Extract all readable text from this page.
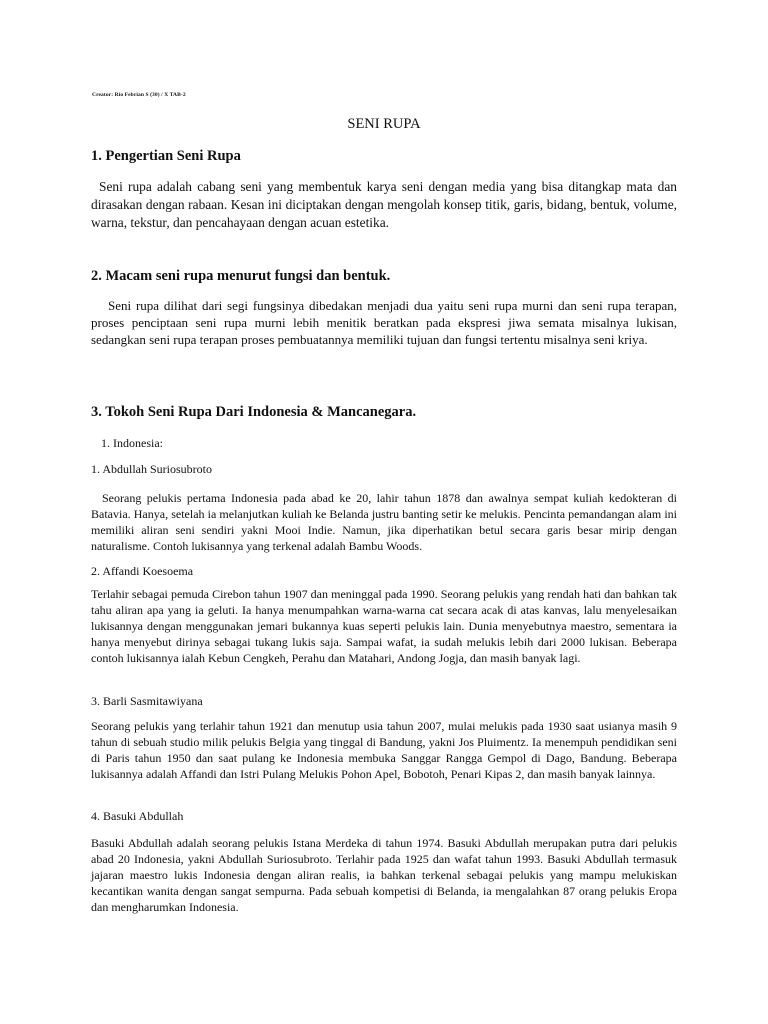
Creator: Rio Febrian S (30) / X TAB-2
SENI RUPA
1. Pengertian Seni Rupa
Seni rupa adalah cabang seni yang membentuk karya seni dengan media yang bisa ditangkap mata dan dirasakan dengan rabaan. Kesan ini diciptakan dengan mengolah konsep titik, garis, bidang, bentuk, volume, warna, tekstur, dan pencahayaan dengan acuan estetika.
2. Macam seni rupa menurut fungsi dan bentuk.
Seni rupa dilihat dari segi fungsinya dibedakan menjadi dua yaitu seni rupa murni dan seni rupa terapan, proses penciptaan seni rupa murni lebih menitik beratkan pada ekspresi jiwa semata misalnya lukisan, sedangkan seni rupa terapan proses pembuatannya memiliki tujuan dan fungsi tertentu misalnya seni kriya.
3. Tokoh Seni Rupa Dari Indonesia & Mancanegara.
1. Indonesia:
1. Abdullah Suriosubroto
Seorang pelukis pertama Indonesia pada abad ke 20, lahir tahun 1878 dan awalnya sempat kuliah kedokteran di Batavia. Hanya, setelah ia melanjutkan kuliah ke Belanda justru banting setir ke melukis. Pencinta pemandangan alam ini memiliki aliran seni sendiri yakni Mooi Indie. Namun, jika diperhatikan betul secara garis besar mirip dengan naturalisme. Contoh lukisannya yang terkenal adalah Bambu Woods.
2. Affandi Koesoema
Terlahir sebagai pemuda Cirebon tahun 1907 dan meninggal pada 1990. Seorang pelukis yang rendah hati dan bahkan tak tahu aliran apa yang ia geluti. Ia hanya menumpahkan warna-warna cat secara acak di atas kanvas, lalu menyelesaikan lukisannya dengan menggunakan jemari bukannya kuas seperti pelukis lain. Dunia menyebutnya maestro, sementara ia hanya menyebut dirinya sebagai tukang lukis saja. Sampai wafat, ia sudah melukis lebih dari 2000 lukisan. Beberapa contoh lukisannya ialah Kebun Cengkeh, Perahu dan Matahari, Andong Jogja, dan masih banyak lagi.
3. Barli Sasmitawiyana
Seorang pelukis yang terlahir tahun 1921 dan menutup usia tahun 2007, mulai melukis pada 1930 saat usianya masih 9 tahun di sebuah studio milik pelukis Belgia yang tinggal di Bandung, yakni Jos Pluimentz. Ia menempuh pendidikan seni di Paris tahun 1950 dan saat pulang ke Indonesia membuka Sanggar Rangga Gempol di Dago, Bandung. Beberapa lukisannya adalah Affandi dan Istri Pulang Melukis Pohon Apel, Bobotoh, Penari Kipas 2, dan masih banyak lainnya.
4. Basuki Abdullah
Basuki Abdullah adalah seorang pelukis Istana Merdeka di tahun 1974. Basuki Abdullah merupakan putra dari pelukis abad 20 Indonesia, yakni Abdullah Suriosubroto. Terlahir pada 1925 dan wafat tahun 1993. Basuki Abdullah termasuk jajaran maestro lukis Indonesia dengan aliran realis, ia bahkan terkenal sebagai pelukis yang mampu melukiskan kecantikan wanita dengan sangat sempurna. Pada sebuah kompetisi di Belanda, ia mengalahkan 87 orang pelukis Eropa dan mengharumkan Indonesia.
